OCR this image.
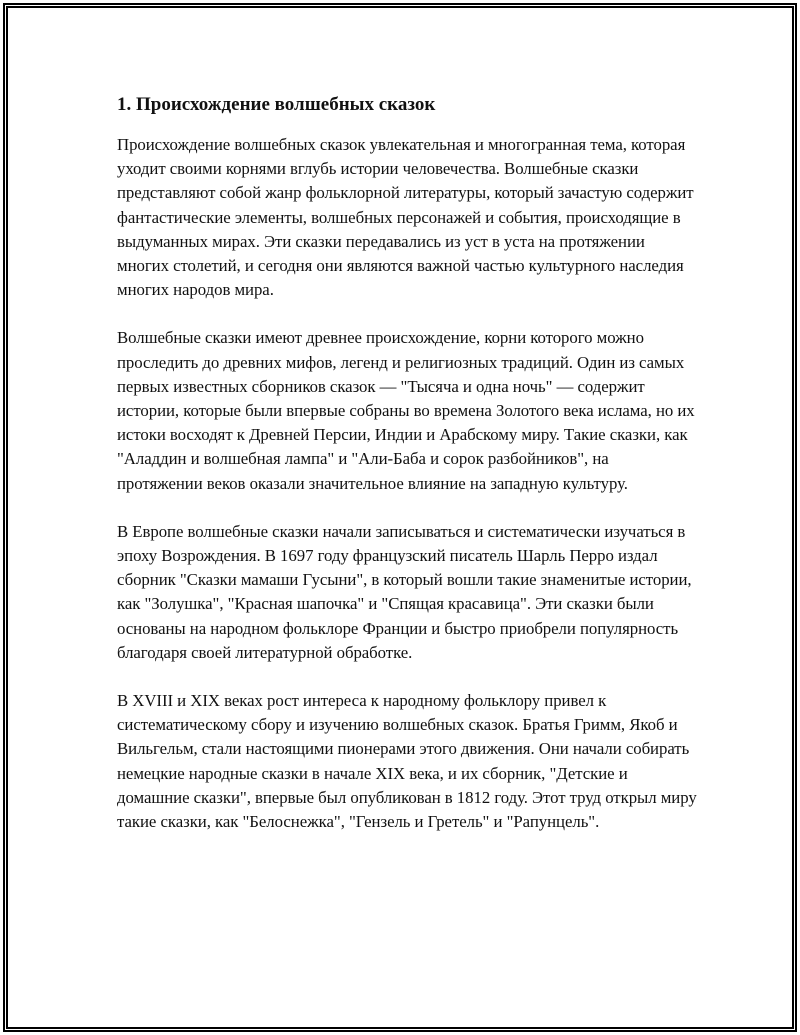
1. Происхождение волшебных сказок

Происхождение волшебных сказок увлекательная и многогранная тема, которая уходит своими корнями вглубь истории человечества. Волшебные сказки представляют собой жанр фольклорной литературы, который зачастую содержит фантастические элементы, волшебных персонажей и события, происходящие в выдуманных мирах. Эти сказки передавались из уст в уста на протяжении многих столетий, и сегодня они являются важной частью культурного наследия многих народов мира.

Волшебные сказки имеют древнее происхождение, корни которого можно проследить до древних мифов, легенд и религиозных традиций. Один из самых первых известных сборников сказок — "Тысяча и одна ночь" — содержит истории, которые были впервые собраны во времена Золотого века ислама, но их истоки восходят к Древней Персии, Индии и Арабскому миру. Такие сказки, как "Аладдин и волшебная лампа" и "Али-Баба и сорок разбойников", на протяжении веков оказали значительное влияние на западную культуру.

В Европе волшебные сказки начали записываться и систематически изучаться в эпоху Возрождения. В 1697 году французский писатель Шарль Перро издал сборник "Сказки мамаши Гусыни", в который вошли такие знаменитые истории, как "Золушка", "Красная шапочка" и "Спящая красавица". Эти сказки были основаны на народном фольклоре Франции и быстро приобрели популярность благодаря своей литературной обработке.

В XVIII и XIX веках рост интереса к народному фольклору привел к систематическому сбору и изучению волшебных сказок. Братья Гримм, Якоб и Вильгельм, стали настоящими пионерами этого движения. Они начали собирать немецкие народные сказки в начале XIX века, и их сборник, "Детские и домашние сказки", впервые был опубликован в 1812 году. Этот труд открыл миру такие сказки, как "Белоснежка", "Гензель и Гретель" и "Рапунцель".
